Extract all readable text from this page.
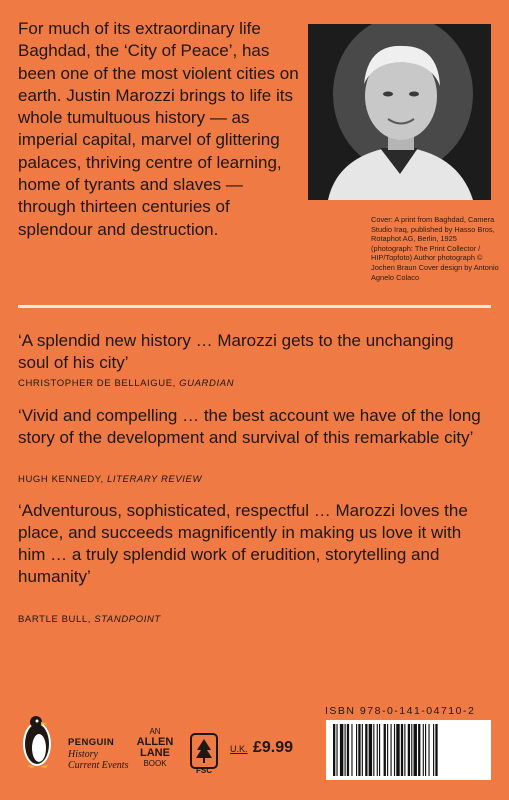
For much of its extraordinary life Baghdad, the ‘City of Peace’, has been one of the most violent cities on earth. Justin Marozzi brings to life its whole tumultuous history — as imperial capital, marvel of glittering palaces, thriving centre of learning, home of tyrants and slaves — through thirteen centuries of splendour and destruction.

Cover: A print from Baghdad, Camera Studio Iraq, published by Hasso Bros, Rotaphot AG, Berlin, 1925 (photograph: The Print Collector / HIP/Topfoto) Author photograph © Jochen Braun Cover design by Antonio Agnelo Colaco

‘A splendid new history … Marozzi gets to the unchanging soul of his city’

CHRISTOPHER DE BELLAIGUE, GUARDIAN

‘Vivid and compelling … the best account we have of the long story of the development and survival of this remarkable city’

HUGH KENNEDY, LITERARY REVIEW

‘Adventurous, sophisticated, respectful … Marozzi loves the place, and succeeds magnificently in making us love it with him … a truly splendid work of erudition, storytelling and humanity’

BARTLE BULL, STANDPOINT

PENGUIN
History
Current Events
AN
ALLEN
LANE
BOOK
FSC
U.K. £9.99
ISBN 978-0-141-04710-2
